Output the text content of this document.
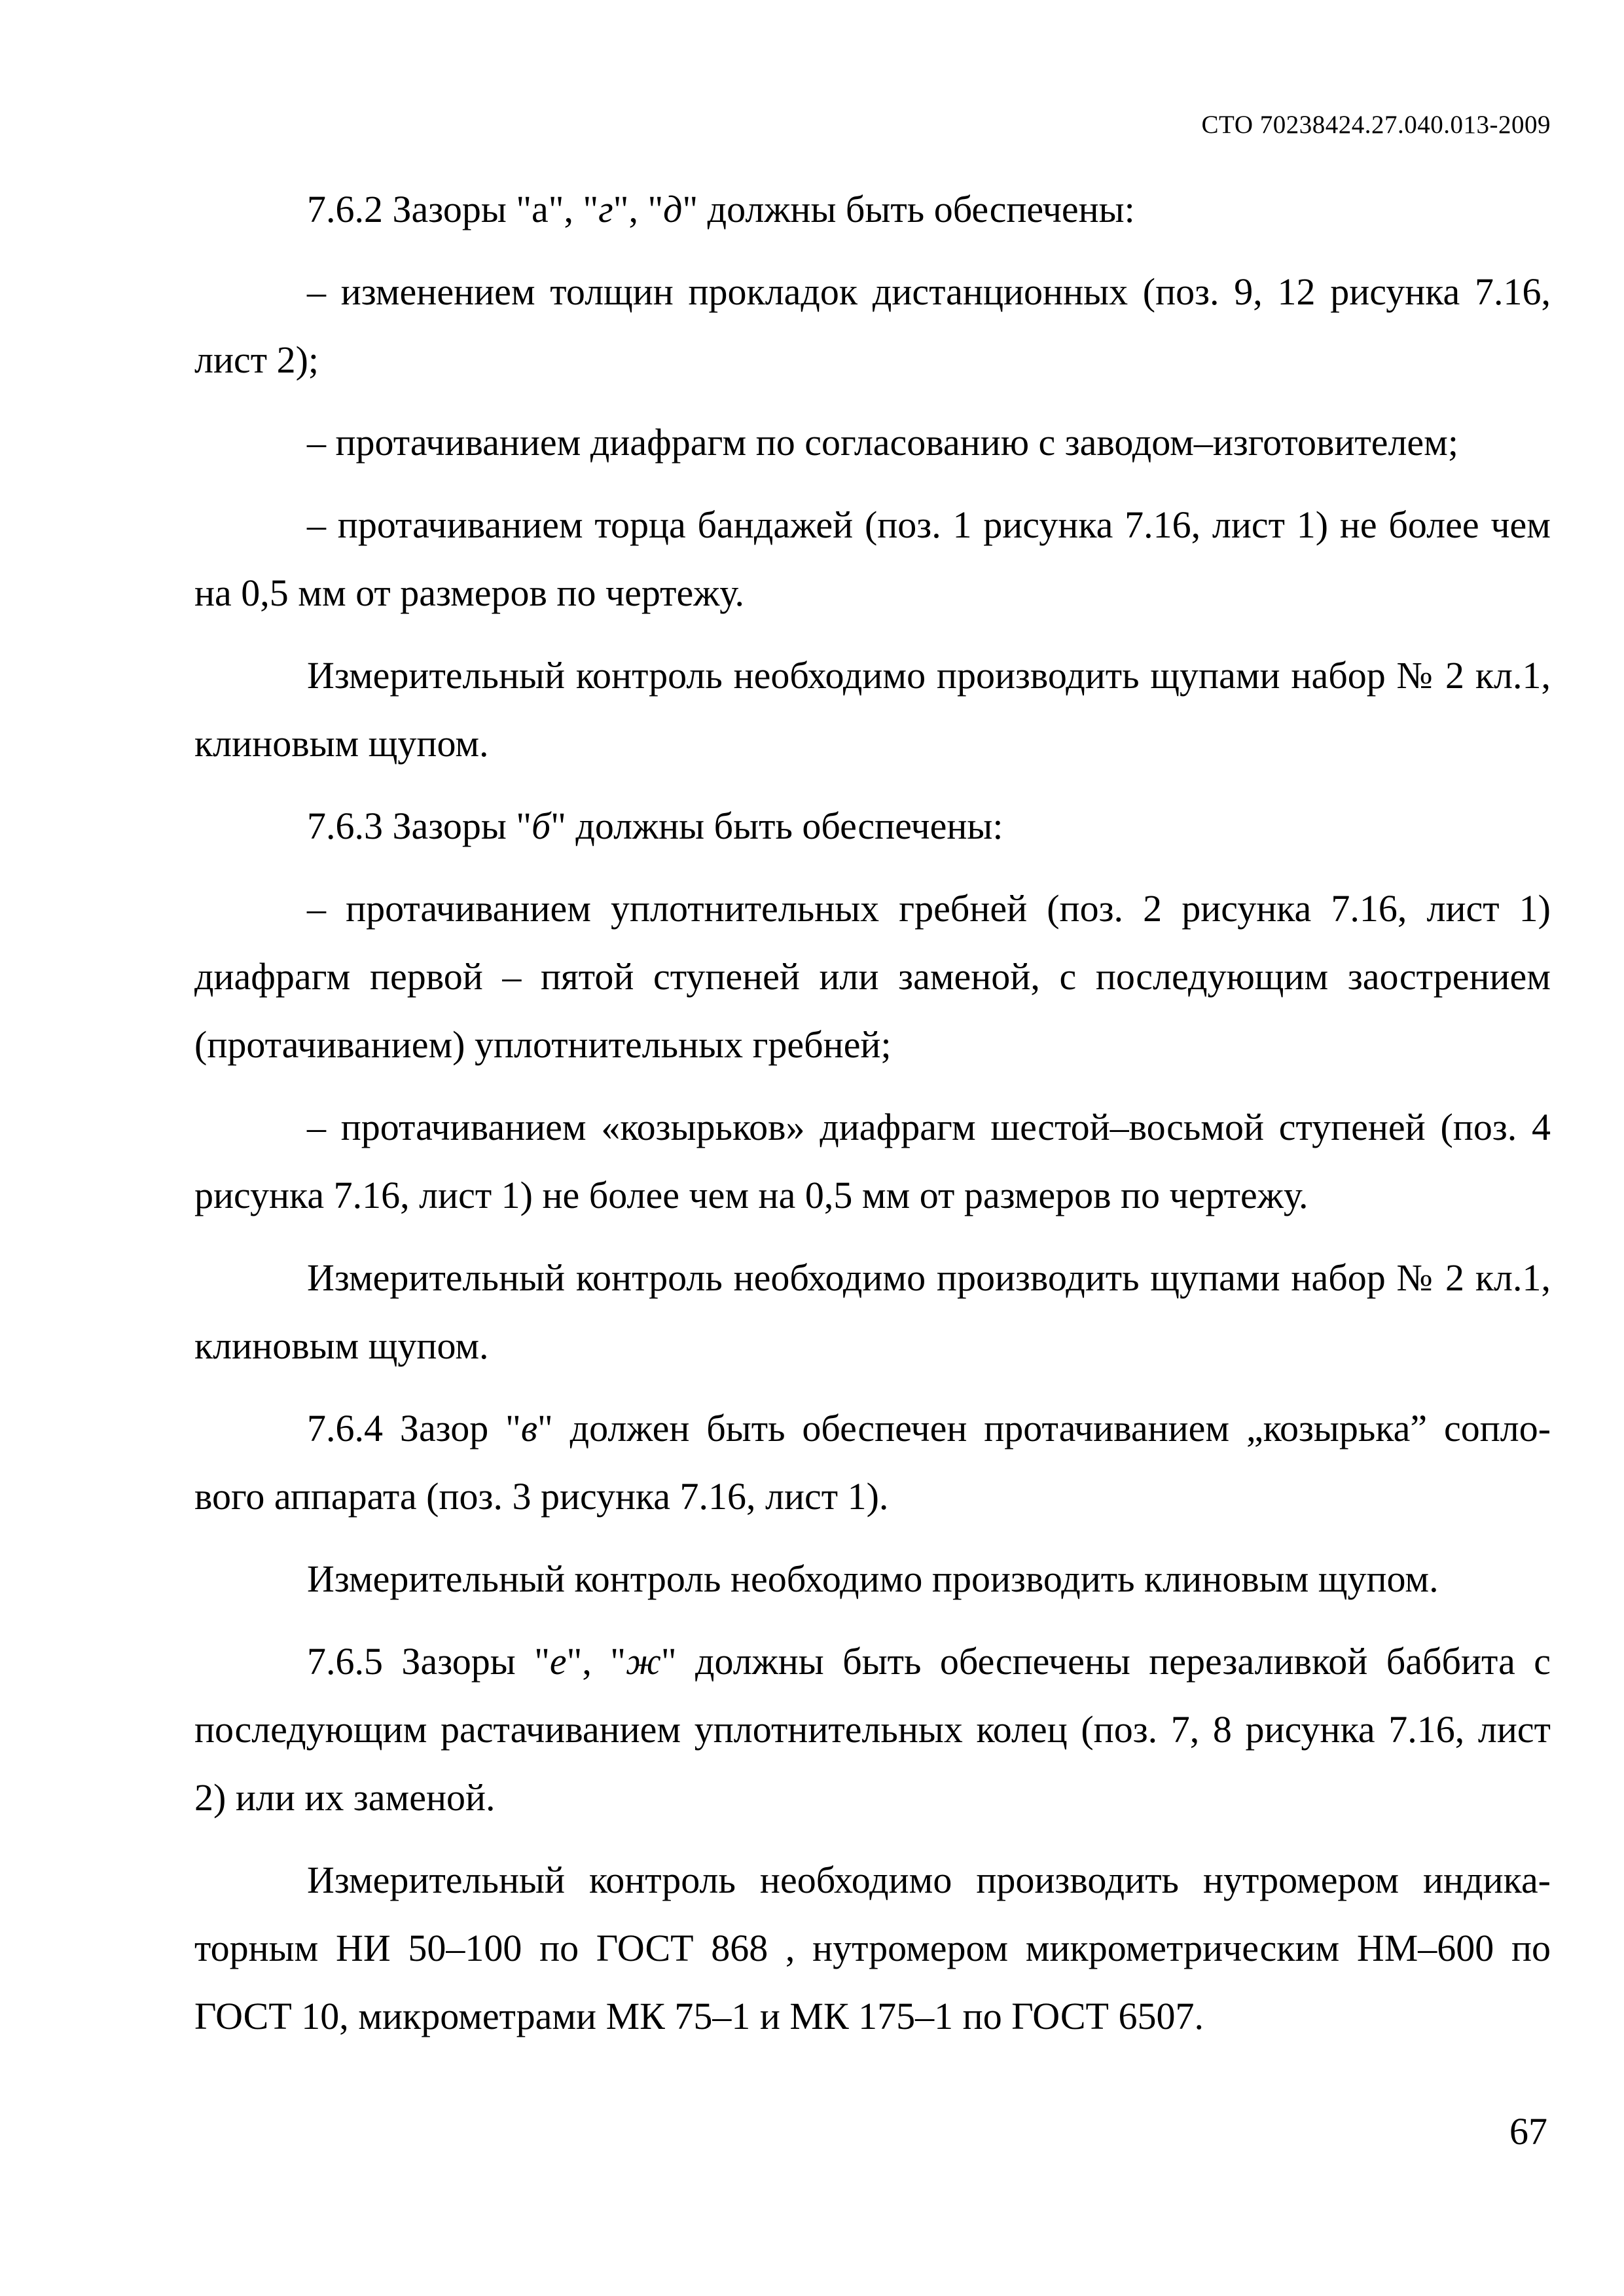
СТО 70238424.27.040.013-2009

7.6.2 Зазоры "а", "г", "д" должны быть обеспечены:

– изменением толщин прокладок дистанционных (поз. 9, 12 рисунка 7.16, лист 2);

– протачиванием диафрагм по согласованию с заводом–изготовителем;

– протачиванием торца бандажей (поз. 1 рисунка 7.16, лист 1) не более чем на 0,5 мм от размеров по чертежу.

Измерительный контроль необходимо производить щупами набор № 2 кл.1, клиновым щупом.

7.6.3 Зазоры "б" должны быть обеспечены:

– протачиванием уплотнительных гребней (поз. 2 рисунка 7.16, лист 1) диафрагм первой – пятой ступеней или заменой, с последующим заострением (протачиванием) уплотнительных гребней;

– протачиванием «козырьков» диафрагм шестой–восьмой ступеней (поз. 4 рисунка 7.16, лист 1) не более чем на 0,5 мм от размеров по чертежу.

Измерительный контроль необходимо производить щупами набор № 2 кл.1, клиновым щупом.

7.6.4 Зазор "в" должен быть обеспечен протачиванием „козырька” сопло-вого аппарата (поз. 3 рисунка 7.16, лист 1).

Измерительный контроль необходимо производить клиновым щупом.

7.6.5 Зазоры "е", "ж" должны быть обеспечены перезаливкой баббита с последующим растачиванием уплотнительных колец (поз. 7, 8 рисунка 7.16, лист 2) или их заменой.

Измерительный контроль необходимо производить нутромером индика-торным НИ 50–100 по ГОСТ 868 , нутромером микрометрическим НМ–600 по ГОСТ 10, микрометрами МК 75–1 и МК 175–1 по ГОСТ 6507.

67
